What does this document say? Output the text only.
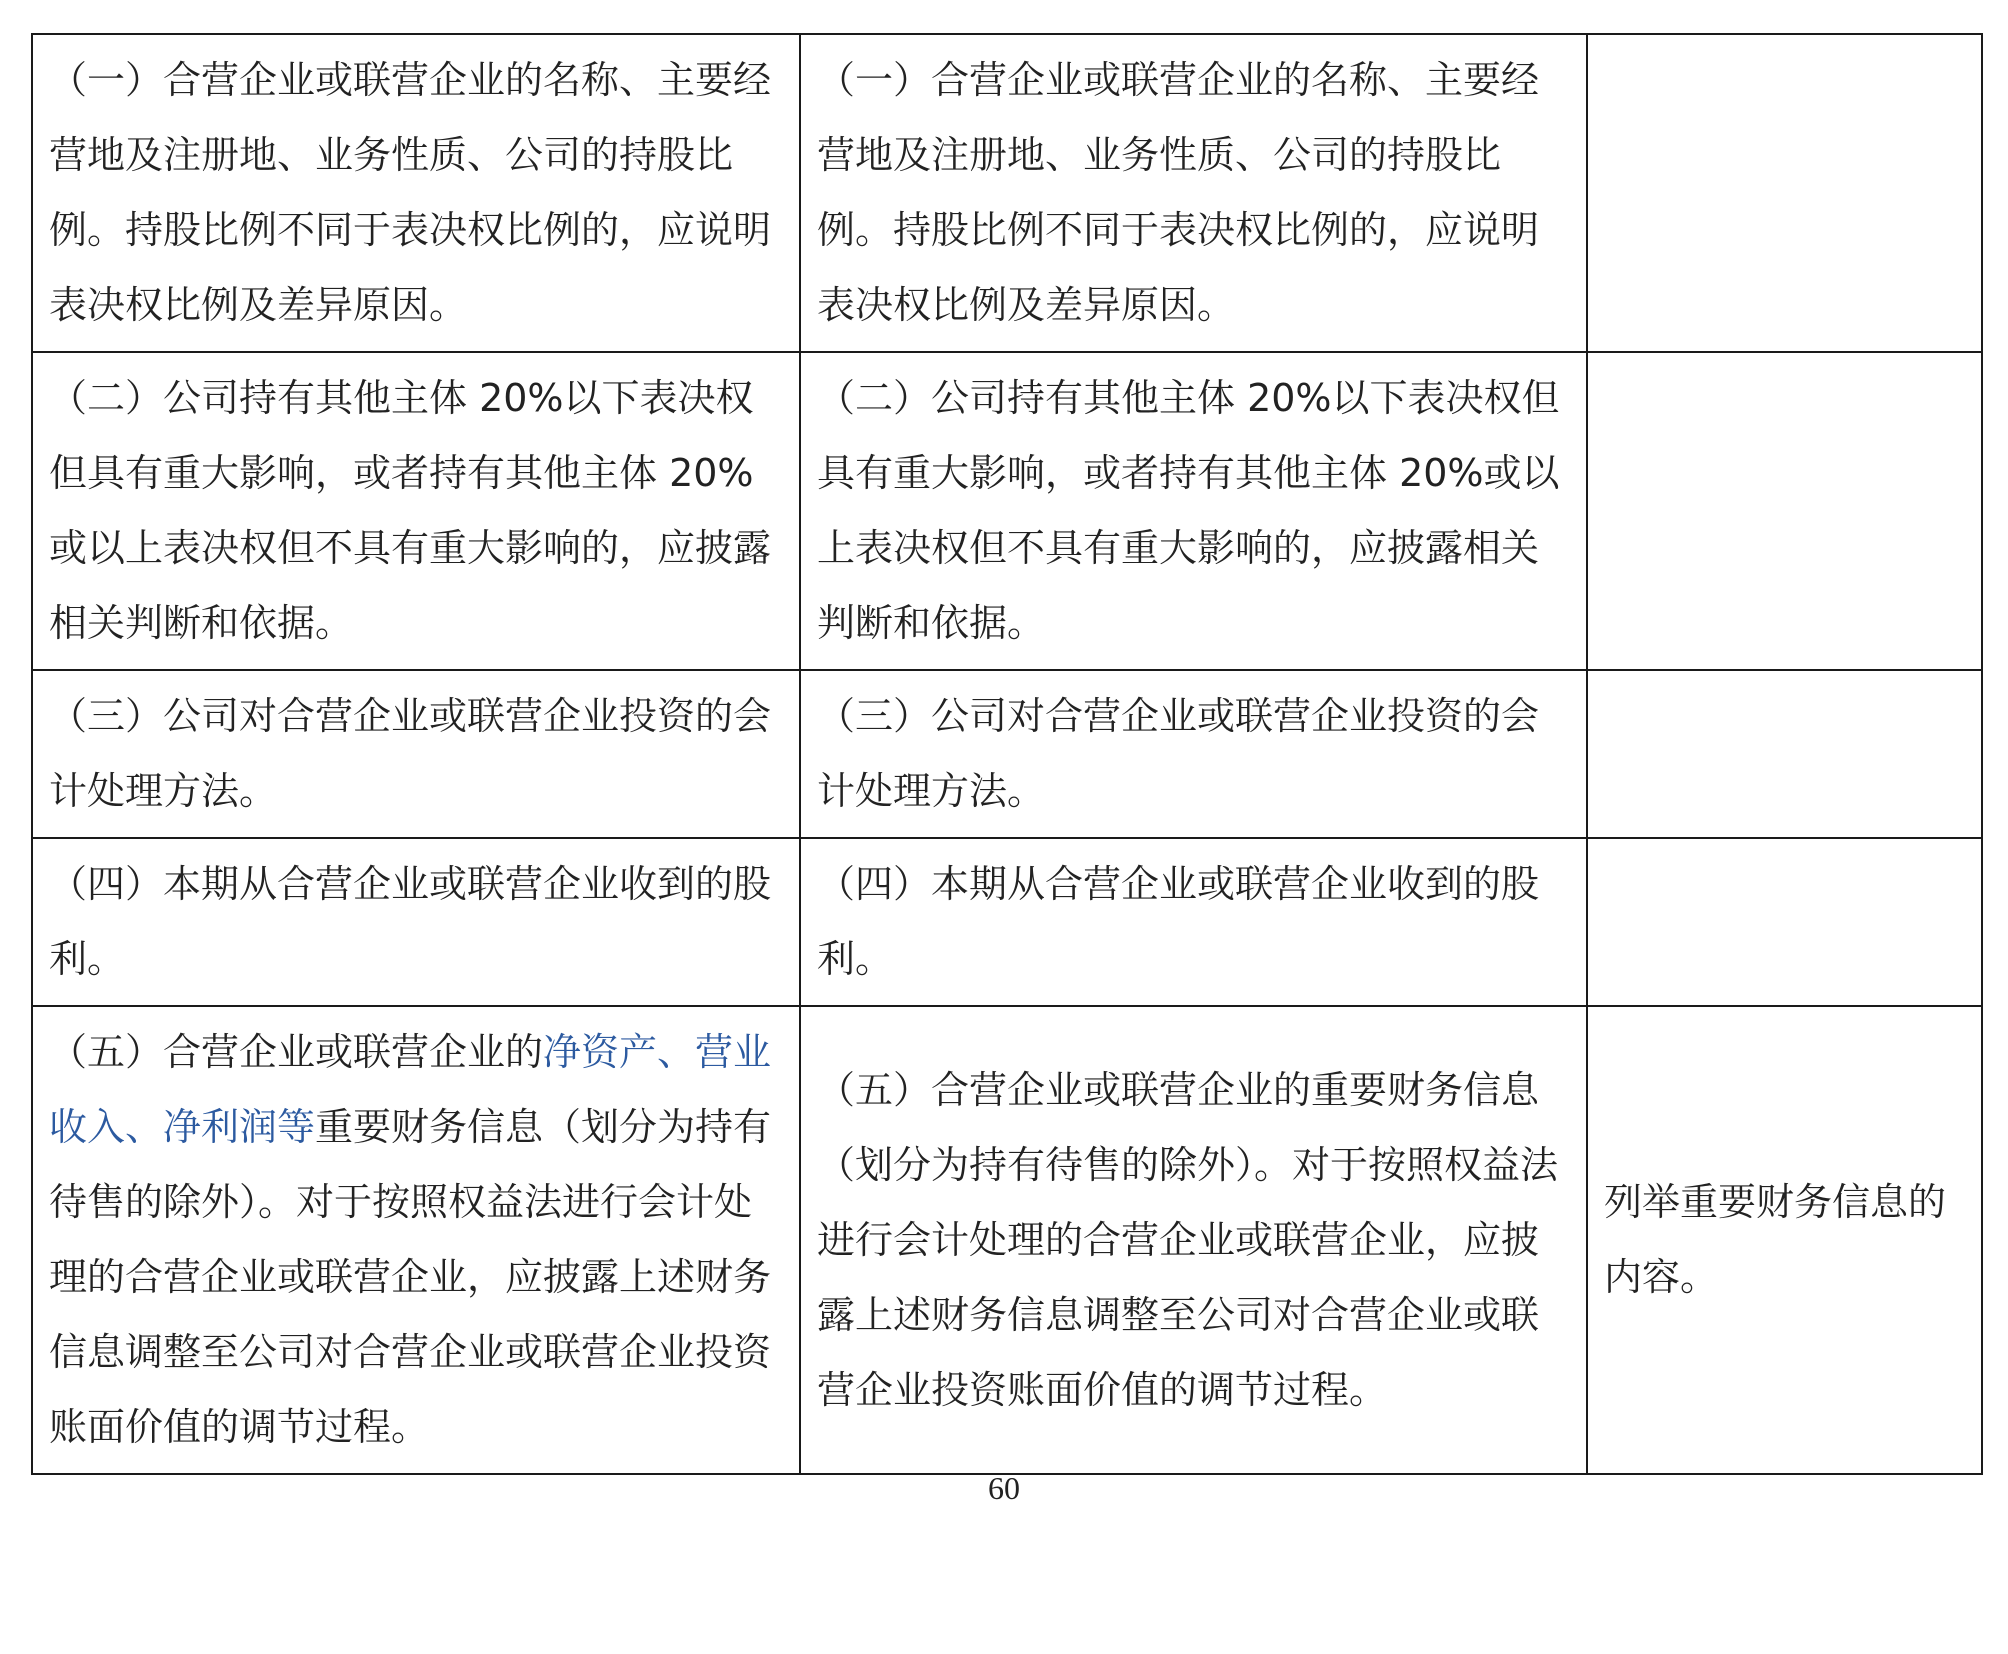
（一）合营企业或联营企业的名称、主要经营地及注册地、业务性质、公司的持股比例。持股比例不同于表决权比例的，应说明表决权比例及差异原因。	（一）合营企业或联营企业的名称、主要经营地及注册地、业务性质、公司的持股比例。持股比例不同于表决权比例的，应说明表决权比例及差异原因。	
（二）公司持有其他主体 20%以下表决权但具有重大影响，或者持有其他主体 20%或以上表决权但不具有重大影响的，应披露相关判断和依据。	（二）公司持有其他主体 20%以下表决权但具有重大影响，或者持有其他主体 20%或以上表决权但不具有重大影响的，应披露相关判断和依据。	
（三）公司对合营企业或联营企业投资的会计处理方法。	（三）公司对合营企业或联营企业投资的会计处理方法。	
（四）本期从合营企业或联营企业收到的股利。	（四）本期从合营企业或联营企业收到的股利。	
（五）合营企业或联营企业的净资产、营业收入、净利润等重要财务信息（划分为持有待售的除外）。对于按照权益法进行会计处理的合营企业或联营企业，应披露上述财务信息调整至公司对合营企业或联营企业投资账面价值的调节过程。	（五）合营企业或联营企业的重要财务信息（划分为持有待售的除外）。对于按照权益法进行会计处理的合营企业或联营企业，应披露上述财务信息调整至公司对合营企业或联营企业投资账面价值的调节过程。	列举重要财务信息的内容。
60
